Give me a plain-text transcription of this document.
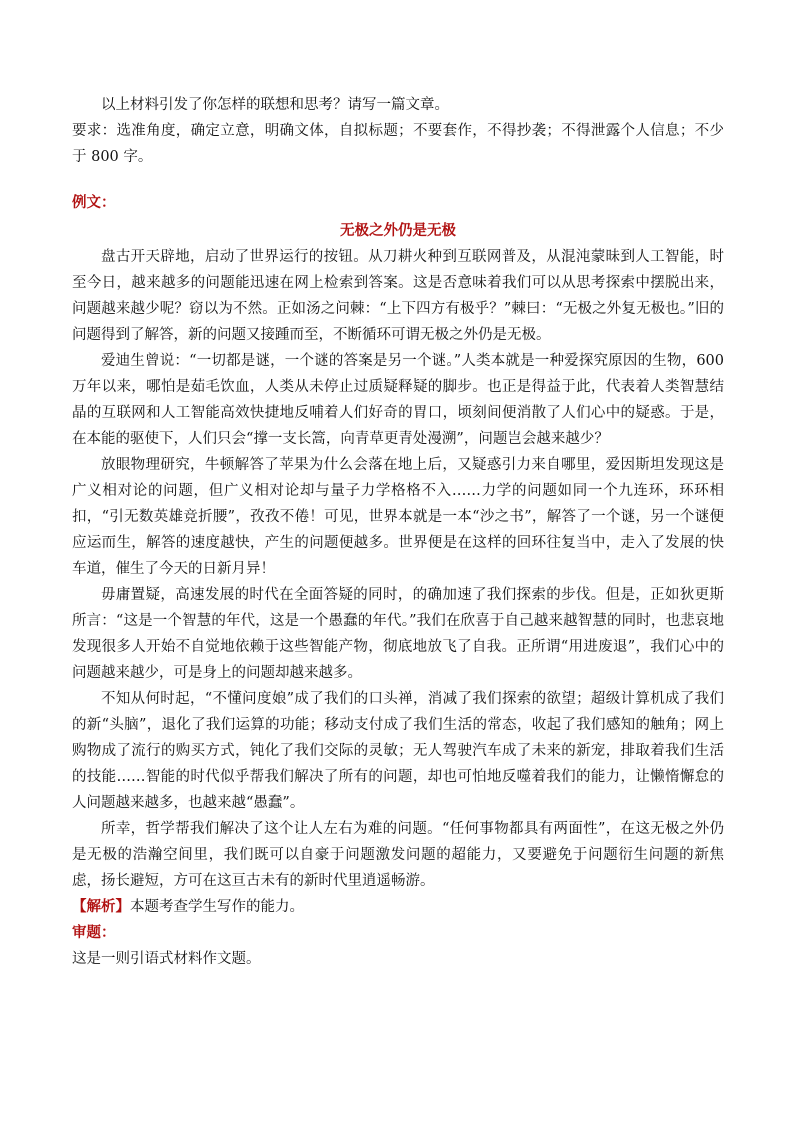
以上材料引发了你怎样的联想和思考？请写一篇文章。

要求：选准角度，确定立意，明确文体，自拟标题；不要套作，不得抄袭；不得泄露个人信息；不少于 800 字。

例文：

无极之外仍是无极

盘古开天辟地，启动了世界运行的按钮。从刀耕火种到互联网普及，从混沌蒙昧到人工智能，时至今日，越来越多的问题能迅速在网上检索到答案。这是否意味着我们可以从思考探索中摆脱出来，问题越来越少呢？窃以为不然。正如汤之问棘：“上下四方有极乎？”棘曰：“无极之外复无极也。”旧的问题得到了解答，新的问题又接踵而至，不断循环可谓无极之外仍是无极。

爱迪生曾说：“一切都是谜，一个谜的答案是另一个谜。”人类本就是一种爱探究原因的生物，600 万年以来，哪怕是茹毛饮血，人类从未停止过质疑释疑的脚步。也正是得益于此，代表着人类智慧结晶的互联网和人工智能高效快捷地反哺着人们好奇的胃口，顷刻间便消散了人们心中的疑惑。于是，在本能的驱使下，人们只会“撑一支长篙，向青草更青处漫溯”，问题岂会越来越少？

放眼物理研究，牛顿解答了苹果为什么会落在地上后，又疑惑引力来自哪里，爱因斯坦发现这是广义相对论的问题，但广义相对论却与量子力学格格不入……力学的问题如同一个九连环，环环相扣，“引无数英雄竞折腰”，孜孜不倦！可见，世界本就是一本“沙之书”，解答了一个谜，另一个谜便应运而生，解答的速度越快，产生的问题便越多。世界便是在这样的回环往复当中，走入了发展的快车道，催生了今天的日新月异！

毋庸置疑，高速发展的时代在全面答疑的同时，的确加速了我们探索的步伐。但是，正如狄更斯所言：“这是一个智慧的年代，这是一个愚蠢的年代。”我们在欣喜于自己越来越智慧的同时，也悲哀地发现很多人开始不自觉地依赖于这些智能产物，彻底地放飞了自我。正所谓“用进废退”，我们心中的问题越来越少，可是身上的问题却越来越多。

不知从何时起，“不懂问度娘”成了我们的口头禅，消减了我们探索的欲望；超级计算机成了我们的新“头脑”，退化了我们运算的功能；移动支付成了我们生活的常态，收起了我们感知的触角；网上购物成了流行的购买方式，钝化了我们交际的灵敏；无人驾驶汽车成了未来的新宠，排取着我们生活的技能……智能的时代似乎帮我们解决了所有的问题，却也可怕地反噬着我们的能力，让懒惰懈怠的人问题越来越多，也越来越“愚蠢”。

所幸，哲学帮我们解决了这个让人左右为难的问题。“任何事物都具有两面性”，在这无极之外仍是无极的浩瀚空间里，我们既可以自豪于问题激发问题的超能力，又要避免于问题衍生问题的新焦虑，扬长避短，方可在这亘古未有的新时代里逍遥畅游。

【解析】本题考查学生写作的能力。

审题：

这是一则引语式材料作文题。
